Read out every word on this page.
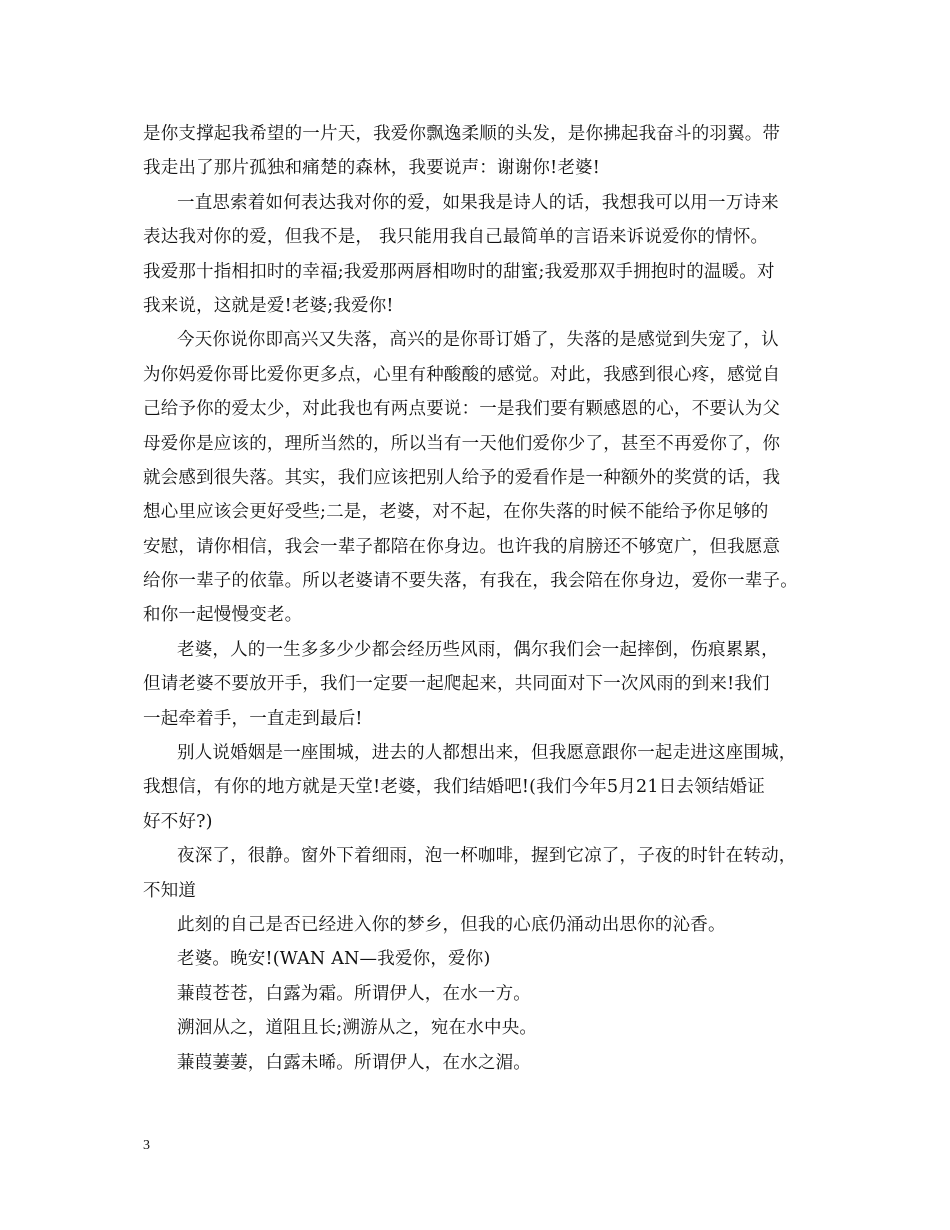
是你支撑起我希望的一片天，我爱你飘逸柔顺的头发，是你拂起我奋斗的羽翼。带
我走出了那片孤独和痛楚的森林，我要说声：谢谢你!老婆!
一直思索着如何表达我对你的爱，如果我是诗人的话，我想我可以用一万诗来
表达我对你的爱，但我不是， 我只能用我自己最简单的言语来诉说爱你的情怀。
我爱那十指相扣时的幸福;我爱那两唇相吻时的甜蜜;我爱那双手拥抱时的温暖。对
我来说，这就是爱!老婆;我爱你!
今天你说你即高兴又失落，高兴的是你哥订婚了，失落的是感觉到失宠了，认
为你妈爱你哥比爱你更多点，心里有种酸酸的感觉。对此，我感到很心疼，感觉自
己给予你的爱太少，对此我也有两点要说：一是我们要有颗感恩的心，不要认为父
母爱你是应该的，理所当然的，所以当有一天他们爱你少了，甚至不再爱你了，你
就会感到很失落。其实，我们应该把别人给予的爱看作是一种额外的奖赏的话，我
想心里应该会更好受些;二是，老婆，对不起，在你失落的时候不能给予你足够的
安慰，请你相信，我会一辈子都陪在你身边。也许我的肩膀还不够宽广，但我愿意
给你一辈子的依靠。所以老婆请不要失落，有我在，我会陪在你身边，爱你一辈子。
和你一起慢慢变老。
老婆，人的一生多多少少都会经历些风雨，偶尔我们会一起摔倒，伤痕累累，
但请老婆不要放开手，我们一定要一起爬起来，共同面对下一次风雨的到来!我们
一起牵着手，一直走到最后!
别人说婚姻是一座围城，进去的人都想出来，但我愿意跟你一起走进这座围城，
我想信，有你的地方就是天堂!老婆，我们结婚吧!(我们今年5月21日去领结婚证
好不好?)
夜深了，很静。窗外下着细雨，泡一杯咖啡，握到它凉了，子夜的时针在转动，
不知道
此刻的自己是否已经进入你的梦乡，但我的心底仍涌动出思你的沁香。
老婆。晚安!(WAN AN—我爱你，爱你)
蒹葭苍苍，白露为霜。所谓伊人，在水一方。
溯洄从之，道阻且长;溯游从之，宛在水中央。
蒹葭萋萋，白露未晞。所谓伊人，在水之湄。
3
